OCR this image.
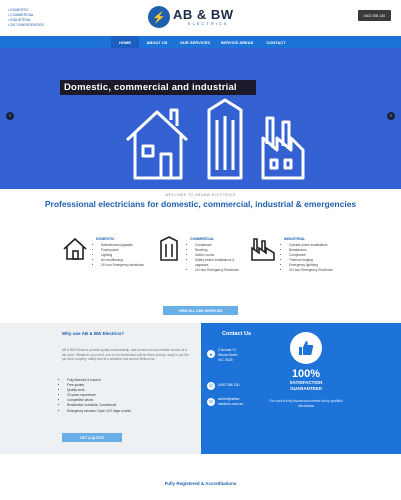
• DOMESTIC
• COMMERCIAL
• INDUSTRIAL
• 24/7 EMERGENCIES
⚡ AB & BW
ELECTRICS
0402 398 130
HOME	ABOUT US	OUR SERVICES	SERVICE AREAS	CONTACT
Domestic, commercial and industrial
‹	›
WELCOME TO AB&BW ELECTRICS
Professional electricians for domestic, commercial, industrial & emergencies
DOMESTIC
• Switchboard upgrades
• Powerpoints
• Lighting
• Air conditioning
• 24 hour Emergency electrician
COMMERCIAL
• Compliance
• Rewiring
• Switch rooms
• Safety switch installations & upgrades
• 24 Hour Emergency Electrician
INDUSTRIAL
• 3 phase power installations
• Breakdowns
• Compliance
• Thermal imaging
• Emergency lightning
• 24 Hour Emergency Electrician
VIEW ALL OUR SERVICES
Why use AB & BW Electrics?
AB & BW Electrics provide quality workmanship, fast turnaround and reliable service at a fair price. Whatever you need, one of our electricians will be there quickly, ready to get the job done properly, safely and at a sensible cost across Melbourne.
• Fully licensed & insured
• Free quotes
• Quality work
• 20 years experience
• Competitive prices
• Residential, industrial, Commercial
• Emergency services: Open 24/7 days a week
GET A QUOTE
Contact Us
●
2 Avocet Ct
Altona North
VIC 3025
✆	0402 398 130
✉	admin@abbw
electrics.com.au
100%
SATISFACTION
GUARANTEED
Our work is fully insured and carried out by qualified electricians
Fully Registered & Accreditations
